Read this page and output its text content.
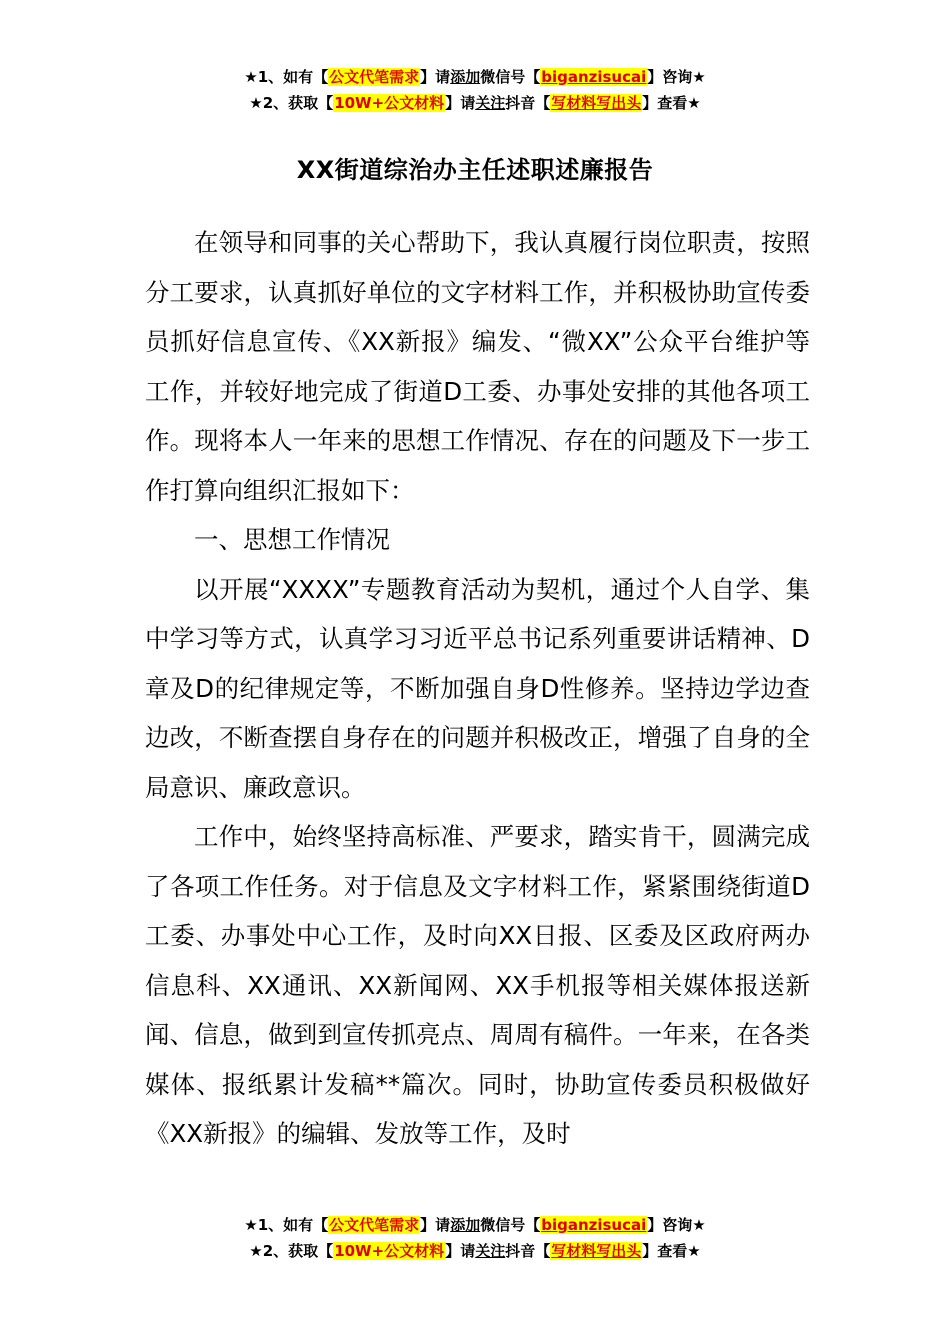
★1、如有【公文代笔需求】请添加微信号【biganzisucai】咨询★
★2、获取【10W+公文材料】请关注抖音【写材料写出头】查看★
XX街道综治办主任述职述廉报告

在领导和同事的关心帮助下，我认真履行岗位职责，按照分工要求，认真抓好单位的文字材料工作，并积极协助宣传委员抓好信息宣传、《XX新报》编发、“微XX”公众平台维护等工作，并较好地完成了街道D工委、办事处安排的其他各项工作。现将本人一年来的思想工作情况、存在的问题及下一步工作打算向组织汇报如下：

一、思想工作情况

以开展“XXXX”专题教育活动为契机，通过个人自学、集中学习等方式，认真学习习近平总书记系列重要讲话精神、D章及D的纪律规定等，不断加强自身D性修养。坚持边学边查边改，不断查摆自身存在的问题并积极改正，增强了自身的全局意识、廉政意识。

工作中，始终坚持高标准、严要求，踏实肯干，圆满完成了各项工作任务。对于信息及文字材料工作，紧紧围绕街道D工委、办事处中心工作，及时向XX日报、区委及区政府两办信息科、XX通讯、XX新闻网、XX手机报等相关媒体报送新闻、信息，做到到宣传抓亮点、周周有稿件。一年来，在各类媒体、报纸累计发稿**篇次。同时，协助宣传委员积极做好《XX新报》的编辑、发放等工作，及时

★1、如有【公文代笔需求】请添加微信号【biganzisucai】咨询★
★2、获取【10W+公文材料】请关注抖音【写材料写出头】查看★
